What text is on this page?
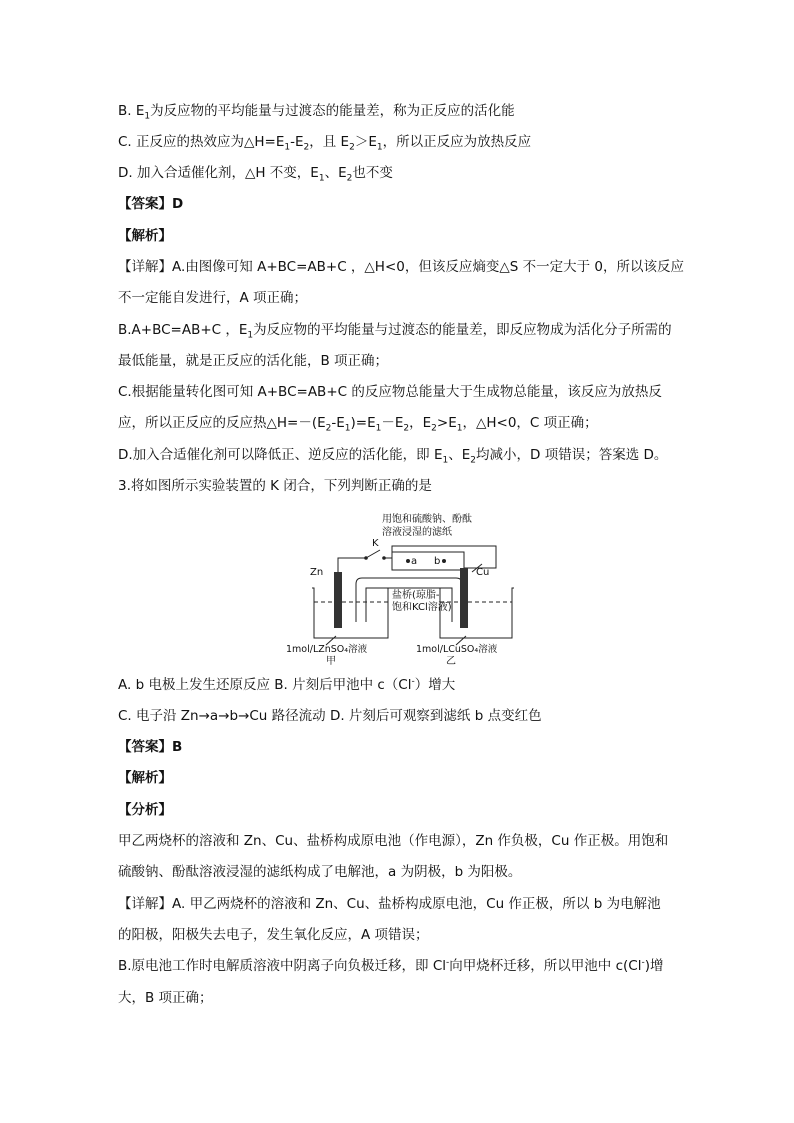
B. $E_1$为反应物的平均能量与过渡态的能量差，称为正反应的活化能
C. 正反应的热效应为$\triangle H=E_1-E_2$，且 $E_2>E_1$，所以正反应为放热反应
D. 加入合适催化剂，△H 不变，$E_1$、$E_2$也不变
【答案】D
【解析】
【详解】A.由图像可知 A+BC=AB+C ，△H<0，但该反应熵变△S 不一定大于 0，所以该反应
不一定能自发进行，A 项正确；
B.A+BC=AB+C ，$E_1$为反应物的平均能量与过渡态的能量差，即反应物成为活化分子所需的
最低能量，就是正反应的活化能，B 项正确；
C.根据能量转化图可知 A+BC=AB+C 的反应物总能量大于生成物总能量，该反应为放热反
应，所以正反应的反应热$\triangle H=-(E_2-E_1)=E_1-E_2$，$E_2>E_1$，△H<0，C 项正确；
D.加入合适催化剂可以降低正、逆反应的活化能，即 $E_1$、$E_2$均减小，D 项错误；答案选 D。
3.将如图所示实验装置的 K 闭合，下列判断正确的是
用饱和硫酸钠、酚酞
溶液浸湿的滤纸
a b
K
Zn	Cu
盐桥(琼脂-
饱和KCl溶液)
1mol/LZnSO₄溶液
甲
1mol/LCuSO₄溶液
乙
A. b 电极上发生还原反应 B. 片刻后甲池中 c（Cl-）增大
C. 电子沿 Zn→a→b→Cu 路径流动 D. 片刻后可观察到滤纸 b 点变红色
【答案】B
【解析】
【分析】
甲乙两烧杯的溶液和 Zn、Cu、盐桥构成原电池（作电源），Zn 作负极，Cu 作正极。用饱和
硫酸钠、酚酞溶液浸湿的滤纸构成了电解池，a 为阴极，b 为阳极。
【详解】A. 甲乙两烧杯的溶液和 Zn、Cu、盐桥构成原电池，Cu 作正极，所以 b 为电解池
的阳极，阳极失去电子，发生氧化反应，A 项错误；
B.原电池工作时电解质溶液中阴离子向负极迁移，即 Cl-向甲烧杯迁移，所以甲池中 c(Cl-)增
大，B 项正确；
